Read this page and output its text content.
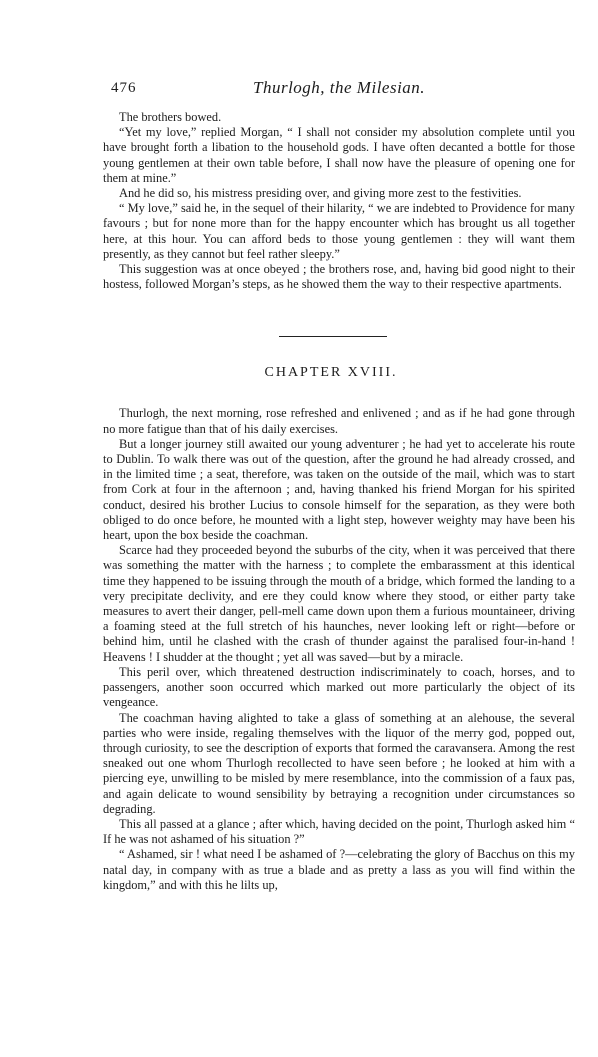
476	Thurlogh, the Milesian.

The brothers bowed.

“Yet my love,” replied Morgan, “ I shall not consider my absolution complete until you have brought forth a libation to the household gods. I have often decanted a bottle for those young gentlemen at their own table before, I shall now have the pleasure of opening one for them at mine.”

And he did so, his mistress presiding over, and giving more zest to the festivities.

“ My love,” said he, in the sequel of their hilarity, “ we are indebted to Providence for many favours ; but for none more than for the happy encounter which has brought us all together here, at this hour. You can afford beds to those young gentlemen : they will want them presently, as they cannot but feel rather sleepy.”

This suggestion was at once obeyed ; the brothers rose, and, having bid good night to their hostess, followed Morgan’s steps, as he showed them the way to their respective apartments.

CHAPTER XVIII.

Thurlogh, the next morning, rose refreshed and enlivened ; and as if he had gone through no more fatigue than that of his daily exercises.

But a longer journey still awaited our young adventurer ; he had yet to accelerate his route to Dublin. To walk there was out of the question, after the ground he had already crossed, and in the limited time ; a seat, therefore, was taken on the outside of the mail, which was to start from Cork at four in the afternoon ; and, having thanked his friend Morgan for his spirited conduct, desired his brother Lucius to console himself for the separation, as they were both obliged to do once before, he mounted with a light step, however weighty may have been his heart, upon the box beside the coachman.

Scarce had they proceeded beyond the suburbs of the city, when it was perceived that there was something the matter with the harness ; to complete the embarassment at this identical time they happened to be issuing through the mouth of a bridge, which formed the landing to a very precipitate declivity, and ere they could know where they stood, or either party take measures to avert their danger, pell-mell came down upon them a furious mountaineer, driving a foaming steed at the full stretch of his haunches, never looking left or right—before or behind him, until he clashed with the crash of thunder against the paralised four-in-hand ! Heavens ! I shudder at the thought ; yet all was saved—but by a miracle.

This peril over, which threatened destruction indiscriminately to coach, horses, and to passengers, another soon occurred which marked out more particularly the object of its vengeance.

The coachman having alighted to take a glass of something at an alehouse, the several parties who were inside, regaling themselves with the liquor of the merry god, popped out, through curiosity, to see the description of exports that formed the caravansera. Among the rest sneaked out one whom Thurlogh recollected to have seen before ; he looked at him with a piercing eye, unwilling to be misled by mere resemblance, into the commission of a faux pas, and again delicate to wound sensibility by betraying a recognition under circumstances so degrading.

This all passed at a glance ; after which, having decided on the point, Thurlogh asked him “ If he was not ashamed of his situation ?”

“ Ashamed, sir ! what need I be ashamed of ?—celebrating the glory of Bacchus on this my natal day, in company with as true a blade and as pretty a lass as you will find within the kingdom,” and with this he lilts up,
